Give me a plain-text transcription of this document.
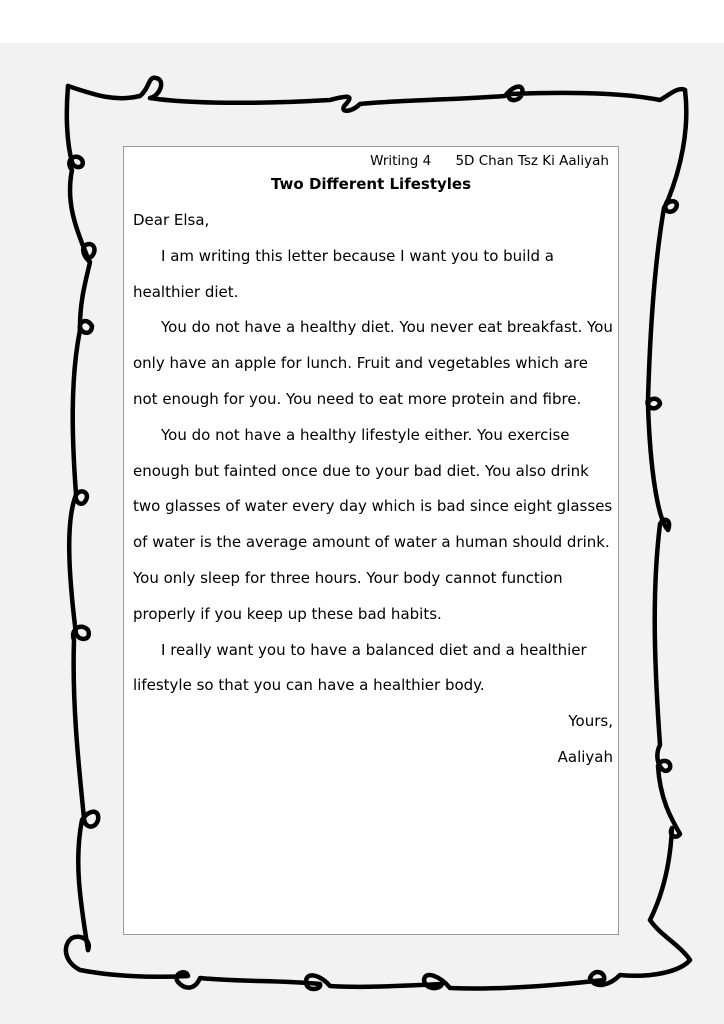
Writing 4 5D Chan Tsz Ki Aaliyah
Two Different Lifestyles

Dear Elsa,

I am writing this letter because I want you to build a healthier diet.

You do not have a healthy diet. You never eat breakfast. You only have an apple for lunch. Fruit and vegetables which are not enough for you. You need to eat more protein and fibre.

You do not have a healthy lifestyle either. You exercise enough but fainted once due to your bad diet. You also drink two glasses of water every day which is bad since eight glasses of water is the average amount of water a human should drink. You only sleep for three hours. Your body cannot function properly if you keep up these bad habits.

I really want you to have a balanced diet and a healthier lifestyle so that you can have a healthier body.

Yours,

Aaliyah
